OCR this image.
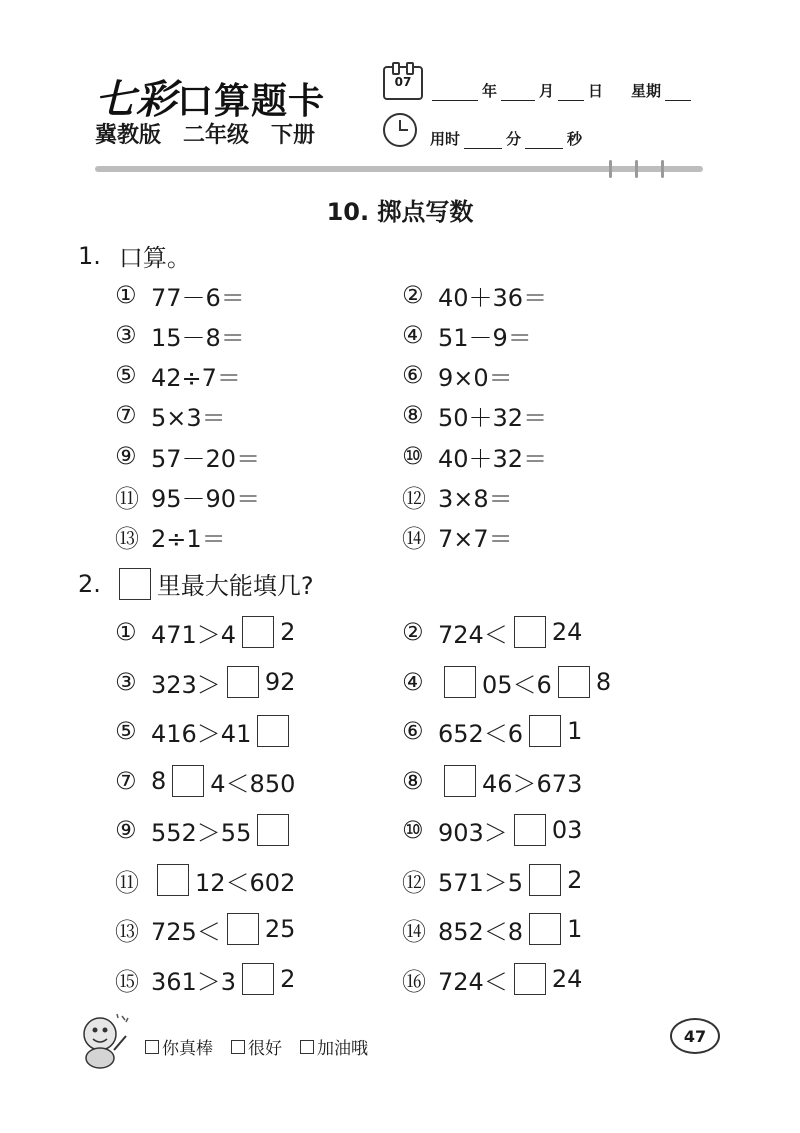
七彩口算题卡
冀教版 二年级 下册
07	年	月 日 星期
用时	分	秒
10. 掷点写数
1. 口算。
① 77－6＝	② 40＋36＝
③ 15－8＝	④ 51－9＝
⑤ 42÷7＝	⑥ 9×0＝
⑦ 5×3＝	⑧ 50＋32＝
⑨ 57－20＝	⑩ 40＋32＝
⑪ 95－90＝	⑫ 3×8＝
⑬ 2÷1＝	⑭ 7×7＝
2. 里最大能填几?
① 471＞4 2	② 724＜ 24
③ 323＞ 92	④	05＜6 8
⑤ 416＞41	⑥ 652＜6 1
⑦ 8 4＜850	⑧	46＞673
⑨ 552＞55	⑩ 903＞ 03
⑪	12＜602	⑫ 571＞5 2
⑬ 725＜ 25	⑭ 852＜8 1
⑮ 361＞3 2	⑯ 724＜ 24
你真棒 很好 加油哦
47
